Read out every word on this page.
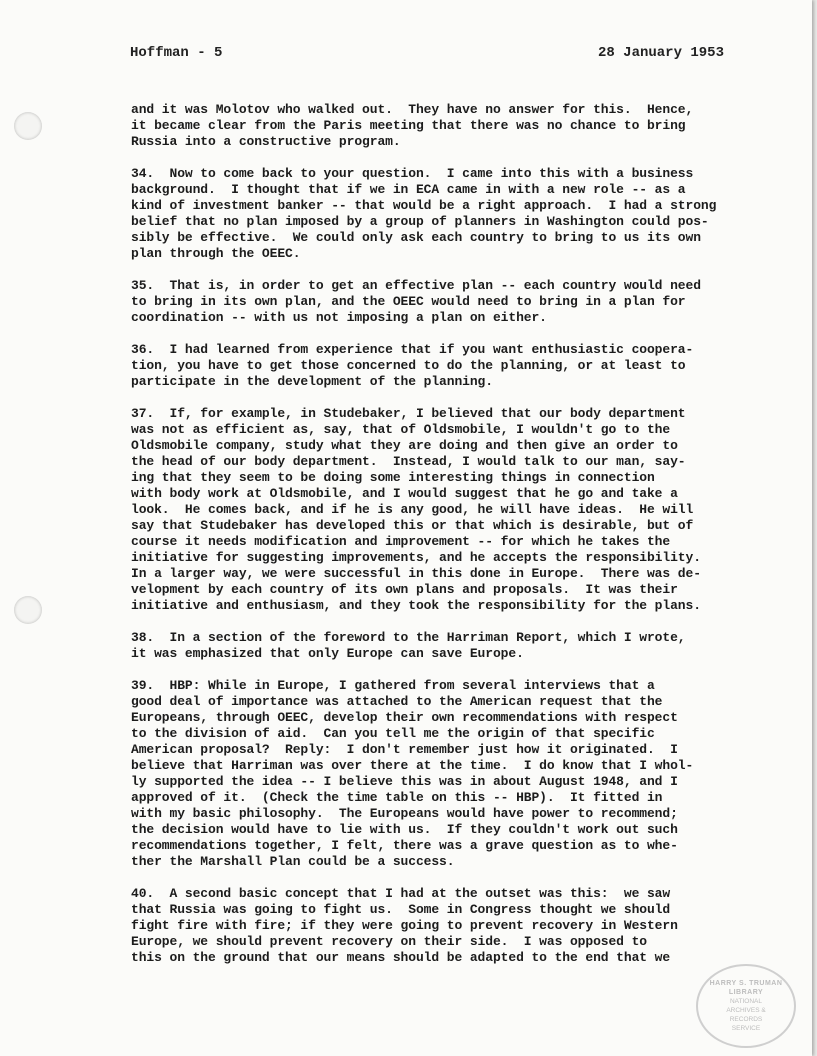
Hoffman - 5	28 January 1953
and it was Molotov who walked out.  They have no answer for this.  Hence,
it became clear from the Paris meeting that there was no chance to bring
Russia into a constructive program.
34.  Now to come back to your question.  I came into this with a business
background.  I thought that if we in ECA came in with a new role -- as a
kind of investment banker -- that would be a right approach.  I had a strong
belief that no plan imposed by a group of planners in Washington could pos-
sibly be effective.  We could only ask each country to bring to us its own
plan through the OEEC.
35.  That is, in order to get an effective plan -- each country would need
to bring in its own plan, and the OEEC would need to bring in a plan for
coordination -- with us not imposing a plan on either.
36.  I had learned from experience that if you want enthusiastic coopera-
tion, you have to get those concerned to do the planning, or at least to
participate in the development of the planning.
37.  If, for example, in Studebaker, I believed that our body department
was not as efficient as, say, that of Oldsmobile, I wouldn't go to the
Oldsmobile company, study what they are doing and then give an order to
the head of our body department.  Instead, I would talk to our man, say-
ing that they seem to be doing some interesting things in connection
with body work at Oldsmobile, and I would suggest that he go and take a
look.  He comes back, and if he is any good, he will have ideas.  He will
say that Studebaker has developed this or that which is desirable, but of
course it needs modification and improvement -- for which he takes the
initiative for suggesting improvements, and he accepts the responsibility.
In a larger way, we were successful in this done in Europe.  There was de-
velopment by each country of its own plans and proposals.  It was their
initiative and enthusiasm, and they took the responsibility for the plans.
38.  In a section of the foreword to the Harriman Report, which I wrote,
it was emphasized that only Europe can save Europe.
39.  HBP: While in Europe, I gathered from several interviews that a
good deal of importance was attached to the American request that the
Europeans, through OEEC, develop their own recommendations with respect
to the division of aid.  Can you tell me the origin of that specific
American proposal?  Reply:  I don't remember just how it originated.  I
believe that Harriman was over there at the time.  I do know that I whol-
ly supported the idea -- I believe this was in about August 1948, and I
approved of it.  (Check the time table on this -- HBP).  It fitted in
with my basic philosophy.  The Europeans would have power to recommend;
the decision would have to lie with us.  If they couldn't work out such
recommendations together, I felt, there was a grave question as to whe-
ther the Marshall Plan could be a success.
40.  A second basic concept that I had at the outset was this:  we saw
that Russia was going to fight us.  Some in Congress thought we should
fight fire with fire; if they were going to prevent recovery in Western
Europe, we should prevent recovery on their side.  I was opposed to
this on the ground that our means should be adapted to the end that we
HARRY S. TRUMAN LIBRARY
NATIONAL
ARCHIVES &
RECORDS
SERVICE
